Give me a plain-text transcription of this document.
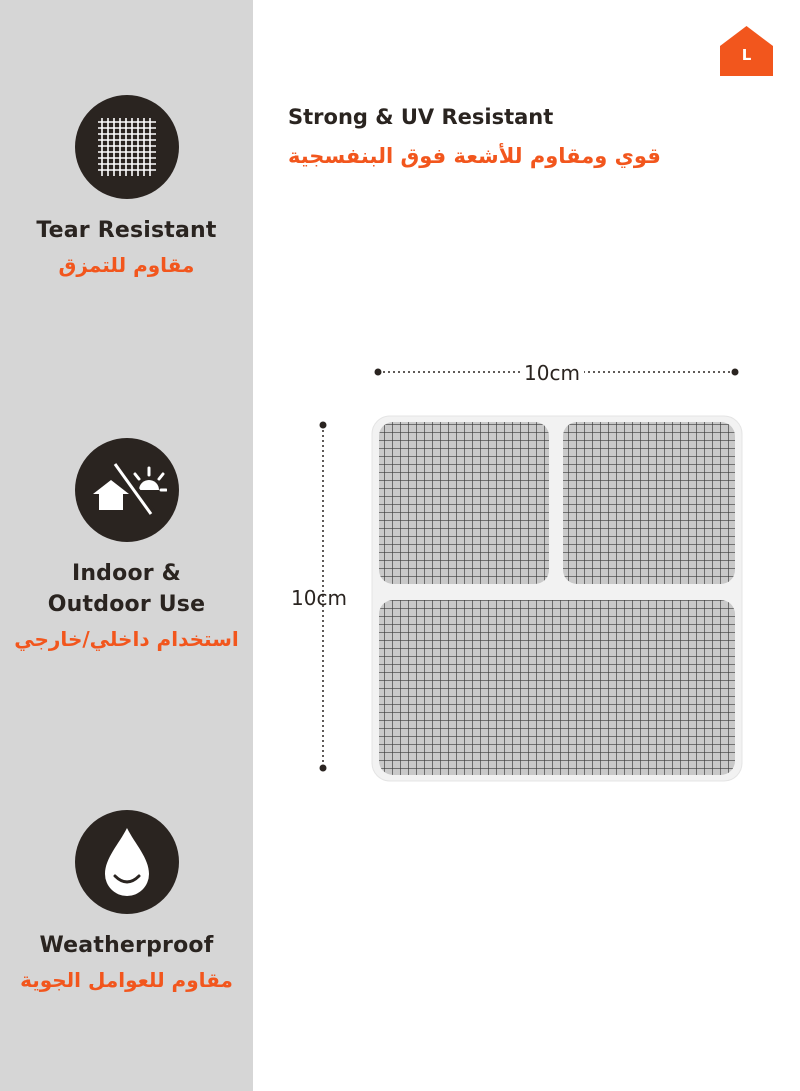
Tear Resistant
مقاوم للتمزق
Indoor &
Outdoor Use
استخدام داخلي/خارجي
Weatherproof
مقاوم للعوامل الجوية
L
Strong & UV Resistant
قوي ومقاوم للأشعة فوق البنفسجية
10cm
10cm
